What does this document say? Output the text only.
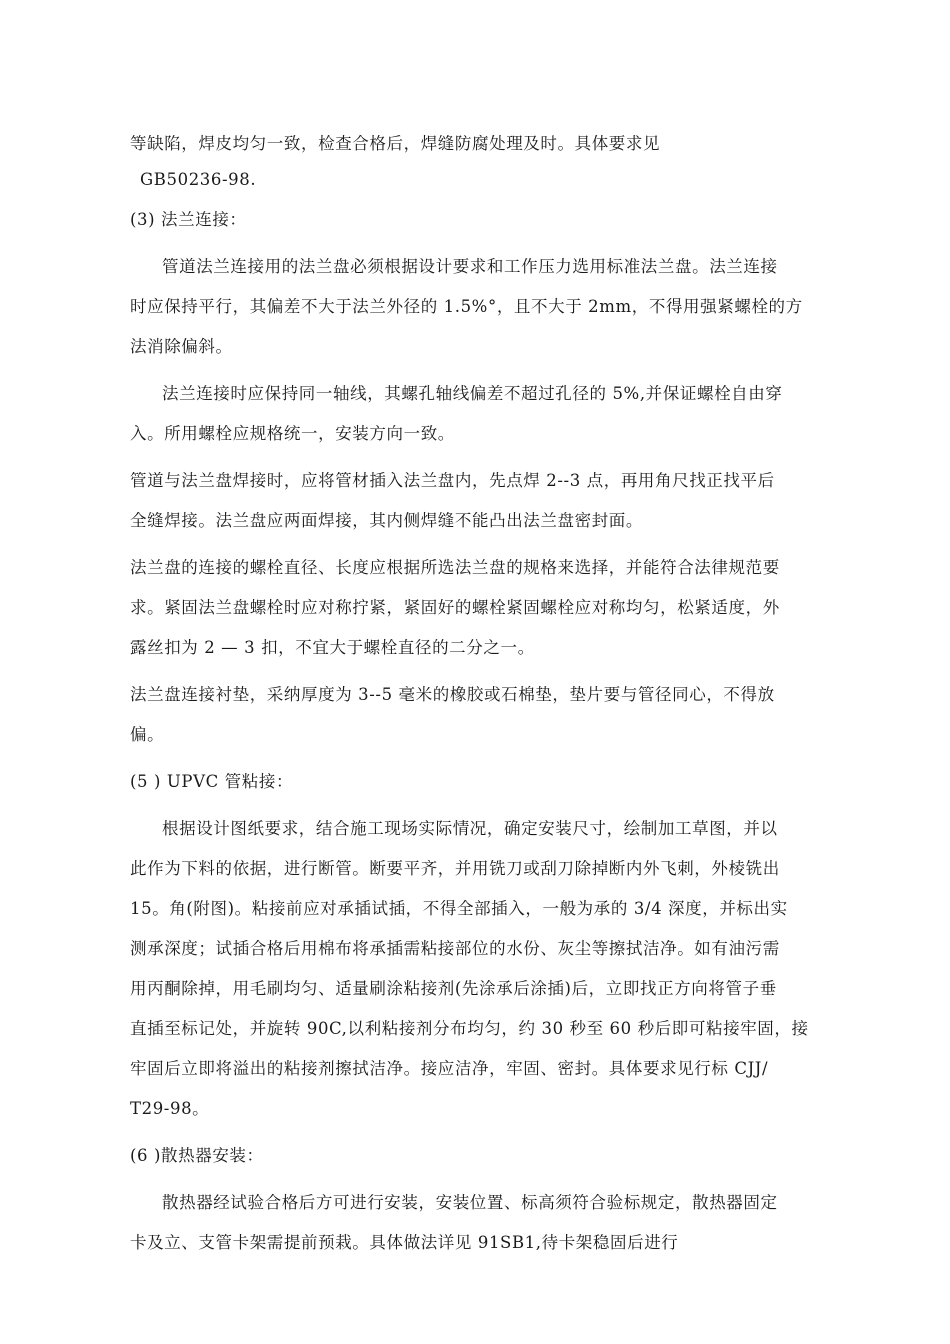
等缺陷，焊皮均匀一致，检查合格后，焊缝防腐处理及时。具体要求见
GB50236-98.
(3) 法兰连接：
管道法兰连接用的法兰盘必须根据设计要求和工作压力选用标准法兰盘。法兰连接
时应保持平行，其偏差不大于法兰外径的 1.5%°，且不大于 2mm，不得用强紧螺栓的方
法消除偏斜。
法兰连接时应保持同一轴线，其螺孔轴线偏差不超过孔径的 5%,并保证螺栓自由穿
入。所用螺栓应规格统一，安装方向一致。
管道与法兰盘焊接时，应将管材插入法兰盘内，先点焊 2--3 点，再用角尺找正找平后
全缝焊接。法兰盘应两面焊接，其内侧焊缝不能凸出法兰盘密封面。
法兰盘的连接的螺栓直径、长度应根据所选法兰盘的规格来选择，并能符合法律规范要
求。紧固法兰盘螺栓时应对称拧紧，紧固好的螺栓紧固螺栓应对称均匀，松紧适度，外
露丝扣为 2 — 3 扣，不宜大于螺栓直径的二分之一。
法兰盘连接衬垫，采纳厚度为 3--5 毫米的橡胶或石棉垫，垫片要与管径同心，不得放
偏。
(5 ) UPVC 管粘接：
根据设计图纸要求，结合施工现场实际情况，确定安装尺寸，绘制加工草图，并以
此作为下料的依据，进行断管。断要平齐，并用铣刀或刮刀除掉断内外飞刺，外棱铣出
15。角(附图)。粘接前应对承插试插，不得全部插入，一般为承的 3/4 深度，并标出实
测承深度；试插合格后用棉布将承插需粘接部位的水份、灰尘等擦拭洁净。如有油污需
用丙酮除掉，用毛刷均匀、适量刷涂粘接剂(先涂承后涂插)后，立即找正方向将管子垂
直插至标记处，并旋转 90C,以利粘接剂分布均匀，约 30 秒至 60 秒后即可粘接牢固，接
牢固后立即将溢出的粘接剂擦拭洁净。接应洁净，牢固、密封。具体要求见行标 CJJ/
T29-98。
(6 )散热器安装：
散热器经试验合格后方可进行安装，安装位置、标高须符合验标规定，散热器固定
卡及立、支管卡架需提前预栽。具体做法详见 91SB1,待卡架稳固后进行
